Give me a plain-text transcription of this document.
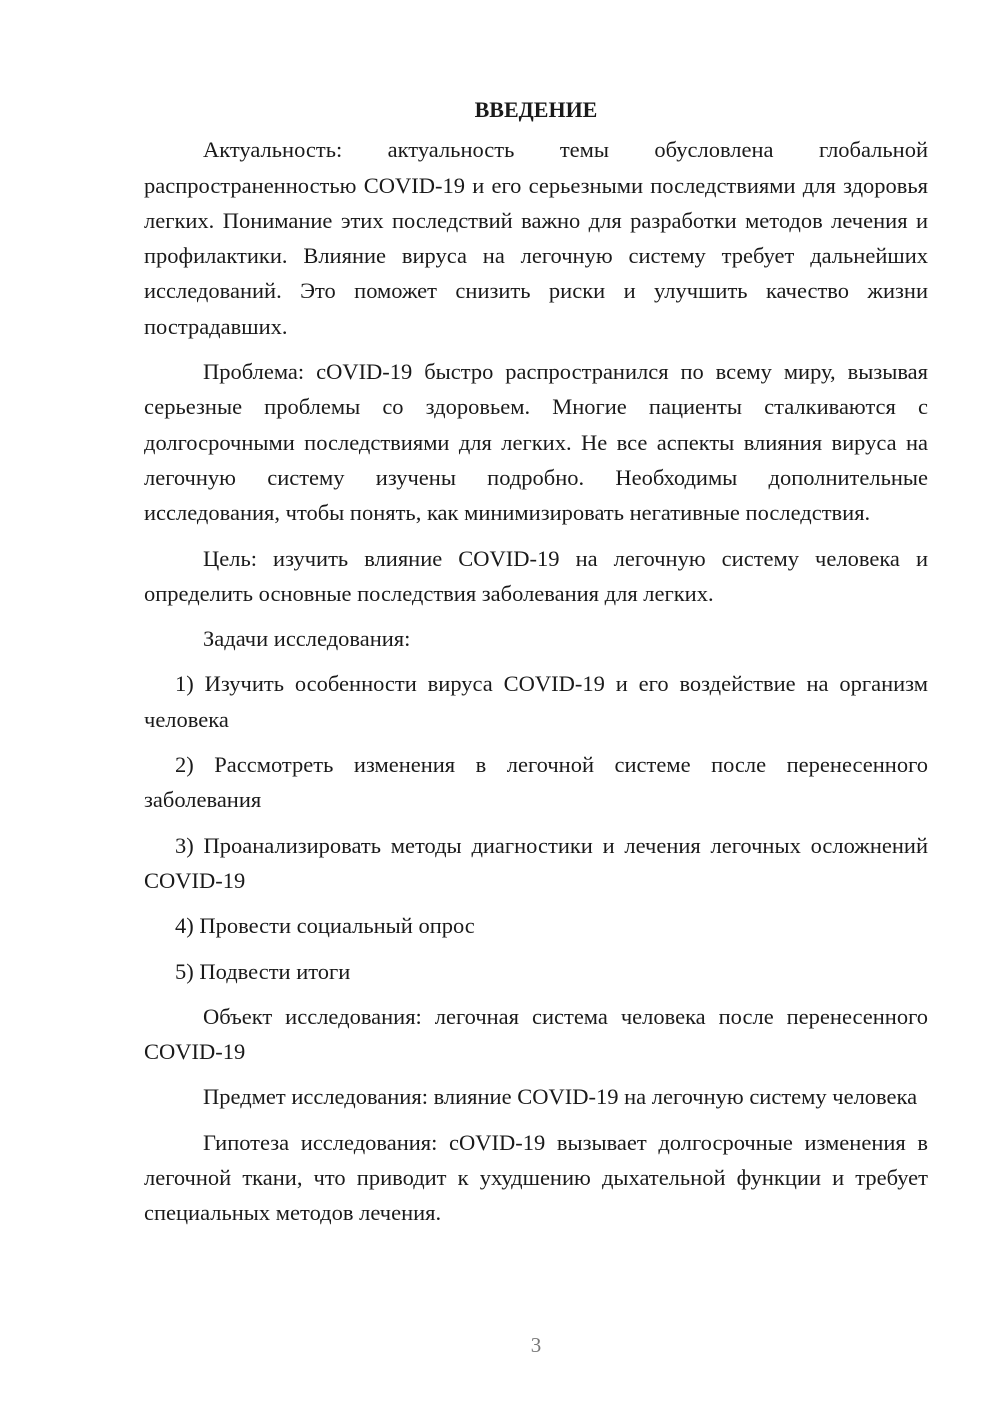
ВВЕДЕНИЕ

Актуальность: актуальность темы обусловлена глобальной распространенностью COVID-19 и его серьезными последствиями для здоровья легких. Понимание этих последствий важно для разработки методов лечения и профилактики. Влияние вируса на легочную систему требует дальнейших исследований. Это поможет снизить риски и улучшить качество жизни пострадавших.

Проблема: cOVID-19 быстро распространился по всему миру, вызывая серьезные проблемы со здоровьем. Многие пациенты сталкиваются с долгосрочными последствиями для легких. Не все аспекты влияния вируса на легочную систему изучены подробно. Необходимы дополнительные исследования, чтобы понять, как минимизировать негативные последствия.

Цель: изучить влияние COVID-19 на легочную систему человека и определить основные последствия заболевания для легких.

Задачи исследования:

1) Изучить особенности вируса COVID-19 и его воздействие на организм человека

2) Рассмотреть изменения в легочной системе после перенесенного заболевания

3) Проанализировать методы диагностики и лечения легочных осложнений COVID-19

4) Провести социальный опрос

5) Подвести итоги

Объект исследования: легочная система человека после перенесенного COVID-19

Предмет исследования: влияние COVID-19 на легочную систему человека

Гипотеза исследования: cOVID-19 вызывает долгосрочные изменения в легочной ткани, что приводит к ухудшению дыхательной функции и требует специальных методов лечения.

3
